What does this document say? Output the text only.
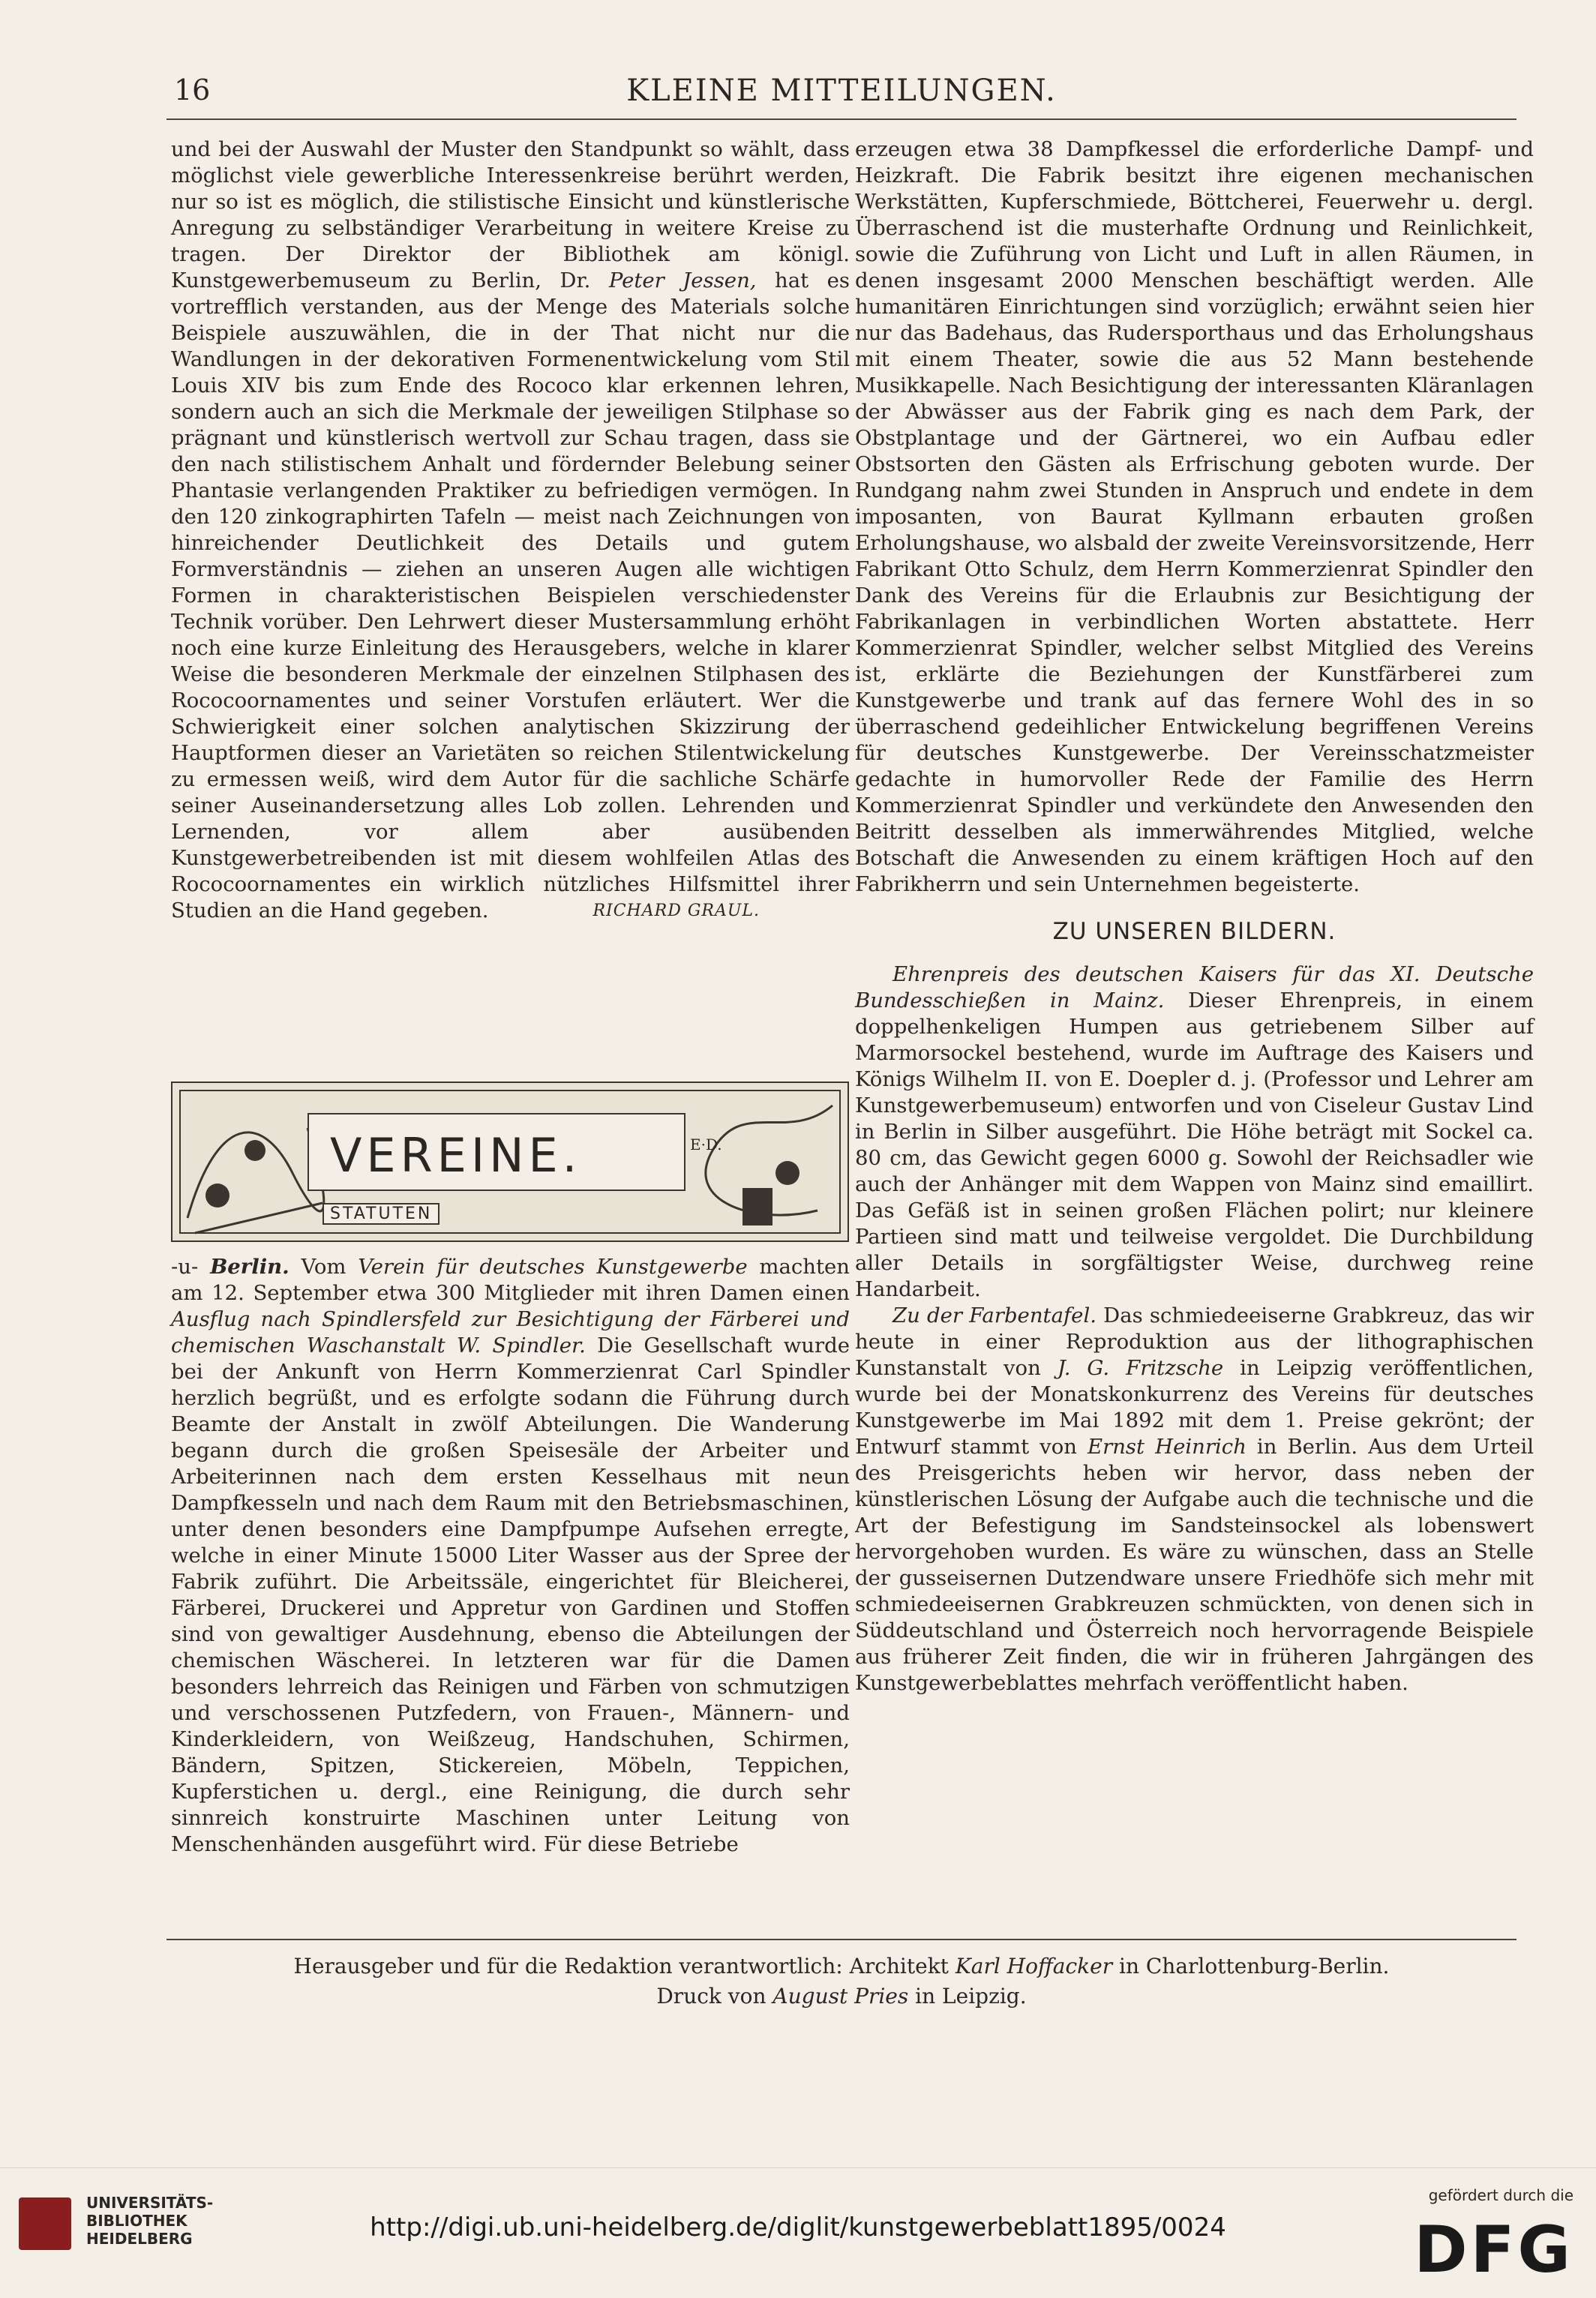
16	KLEINE MITTEILUNGEN.

und bei der Auswahl der Muster den Standpunkt so wählt, dass möglichst viele gewerbliche Interessenkreise berührt werden, nur so ist es möglich, die stilistische Einsicht und künstlerische Anregung zu selbständiger Verarbeitung in weitere Kreise zu tragen. Der Direktor der Bibliothek am königl. Kunstgewerbemuseum zu Berlin, Dr. Peter Jessen, hat es vortrefflich verstanden, aus der Menge des Materials solche Beispiele auszuwählen, die in der That nicht nur die Wandlungen in der dekorativen Formenentwickelung vom Stil Louis XIV bis zum Ende des Rococo klar erkennen lehren, sondern auch an sich die Merkmale der jeweiligen Stilphase so prägnant und künstlerisch wertvoll zur Schau tragen, dass sie den nach stilistischem Anhalt und fördernder Belebung seiner Phantasie verlangenden Praktiker zu befriedigen vermögen. In den 120 zinkographirten Tafeln — meist nach Zeichnungen von hinreichender Deutlichkeit des Details und gutem Formverständnis — ziehen an unseren Augen alle wichtigen Formen in charakteristischen Beispielen verschiedenster Technik vorüber. Den Lehrwert dieser Mustersammlung erhöht noch eine kurze Einleitung des Herausgebers, welche in klarer Weise die besonderen Merkmale der einzelnen Stilphasen des Rococoornamentes und seiner Vorstufen erläutert. Wer die Schwierigkeit einer solchen analytischen Skizzirung der Hauptformen dieser an Varietäten so reichen Stilentwickelung zu ermessen weiß, wird dem Autor für die sachliche Schärfe seiner Auseinandersetzung alles Lob zollen. Lehrenden und Lernenden, vor allem aber ausübenden Kunstgewerbetreibenden ist mit diesem wohlfeilen Atlas des Rococoornamentes ein wirklich nützliches Hilfsmittel ihrer Studien an die Hand gegeben.	RICHARD GRAUL.

VEREINE.
STATUTEN
E·D.

-u- Berlin. Vom Verein für deutsches Kunstgewerbe machten am 12. September etwa 300 Mitglieder mit ihren Damen einen Ausflug nach Spindlersfeld zur Besichtigung der Färberei und chemischen Waschanstalt W. Spindler. Die Gesellschaft wurde bei der Ankunft von Herrn Kommerzienrat Carl Spindler herzlich begrüßt, und es erfolgte sodann die Führung durch Beamte der Anstalt in zwölf Abteilungen. Die Wanderung begann durch die großen Speisesäle der Arbeiter und Arbeiterinnen nach dem ersten Kesselhaus mit neun Dampfkesseln und nach dem Raum mit den Betriebsmaschinen, unter denen besonders eine Dampfpumpe Aufsehen erregte, welche in einer Minute 15000 Liter Wasser aus der Spree der Fabrik zuführt. Die Arbeitssäle, eingerichtet für Bleicherei, Färberei, Druckerei und Appretur von Gardinen und Stoffen sind von gewaltiger Ausdehnung, ebenso die Abteilungen der chemischen Wäscherei. In letzteren war für die Damen besonders lehrreich das Reinigen und Färben von schmutzigen und verschossenen Putzfedern, von Frauen-, Männern- und Kinderkleidern, von Weißzeug, Handschuhen, Schirmen, Bändern, Spitzen, Stickereien, Möbeln, Teppichen, Kupferstichen u. dergl., eine Reinigung, die durch sehr sinnreich konstruirte Maschinen unter Leitung von Menschenhänden ausgeführt wird. Für diese Betriebe

erzeugen etwa 38 Dampfkessel die erforderliche Dampf- und Heizkraft. Die Fabrik besitzt ihre eigenen mechanischen Werkstätten, Kupferschmiede, Böttcherei, Feuerwehr u. dergl. Überraschend ist die musterhafte Ordnung und Reinlichkeit, sowie die Zuführung von Licht und Luft in allen Räumen, in denen insgesamt 2000 Menschen beschäftigt werden. Alle humanitären Einrichtungen sind vorzüglich; erwähnt seien hier nur das Badehaus, das Rudersporthaus und das Erholungshaus mit einem Theater, sowie die aus 52 Mann bestehende Musikkapelle. Nach Besichtigung der interessanten Kläranlagen der Abwässer aus der Fabrik ging es nach dem Park, der Obstplantage und der Gärtnerei, wo ein Aufbau edler Obstsorten den Gästen als Erfrischung geboten wurde. Der Rundgang nahm zwei Stunden in Anspruch und endete in dem imposanten, von Baurat Kyllmann erbauten großen Erholungshause, wo alsbald der zweite Vereinsvorsitzende, Herr Fabrikant Otto Schulz, dem Herrn Kommerzienrat Spindler den Dank des Vereins für die Erlaubnis zur Besichtigung der Fabrikanlagen in verbindlichen Worten abstattete. Herr Kommerzienrat Spindler, welcher selbst Mitglied des Vereins ist, erklärte die Beziehungen der Kunstfärberei zum Kunstgewerbe und trank auf das fernere Wohl des in so überraschend gedeihlicher Entwickelung begriffenen Vereins für deutsches Kunstgewerbe. Der Vereinsschatzmeister gedachte in humorvoller Rede der Familie des Herrn Kommerzienrat Spindler und verkündete den Anwesenden den Beitritt desselben als immerwährendes Mitglied, welche Botschaft die Anwesenden zu einem kräftigen Hoch auf den Fabrikherrn und sein Unternehmen begeisterte.

ZU UNSEREN BILDERN.

Ehrenpreis des deutschen Kaisers für das XI. Deutsche Bundesschießen in Mainz. Dieser Ehrenpreis, in einem doppelhenkeligen Humpen aus getriebenem Silber auf Marmorsockel bestehend, wurde im Auftrage des Kaisers und Königs Wilhelm II. von E. Doepler d. j. (Professor und Lehrer am Kunstgewerbemuseum) entworfen und von Ciseleur Gustav Lind in Berlin in Silber ausgeführt. Die Höhe beträgt mit Sockel ca. 80 cm, das Gewicht gegen 6000 g. Sowohl der Reichsadler wie auch der Anhänger mit dem Wappen von Mainz sind emaillirt. Das Gefäß ist in seinen großen Flächen polirt; nur kleinere Partieen sind matt und teilweise vergoldet. Die Durchbildung aller Details in sorgfältigster Weise, durchweg reine Handarbeit.

Zu der Farbentafel. Das schmiedeeiserne Grabkreuz, das wir heute in einer Reproduktion aus der lithographischen Kunstanstalt von J. G. Fritzsche in Leipzig veröffentlichen, wurde bei der Monatskonkurrenz des Vereins für deutsches Kunstgewerbe im Mai 1892 mit dem 1. Preise gekrönt; der Entwurf stammt von Ernst Heinrich in Berlin. Aus dem Urteil des Preisgerichts heben wir hervor, dass neben der künstlerischen Lösung der Aufgabe auch die technische und die Art der Befestigung im Sandsteinsockel als lobenswert hervorgehoben wurden. Es wäre zu wünschen, dass an Stelle der gusseisernen Dutzendware unsere Friedhöfe sich mehr mit schmiedeeisernen Grabkreuzen schmückten, von denen sich in Süddeutschland und Österreich noch hervorragende Beispiele aus früherer Zeit finden, die wir in früheren Jahrgängen des Kunstgewerbeblattes mehrfach veröffentlicht haben.

Herausgeber und für die Redaktion verantwortlich: Architekt Karl Hoffacker in Charlottenburg-Berlin.
Druck von August Pries in Leipzig.
UNIVERSITÄTS-
BIBLIOTHEK
HEIDELBERG	http://digi.ub.uni-heidelberg.de/diglit/kunstgewerbeblatt1895/0024
gefördert durch die
DFG
